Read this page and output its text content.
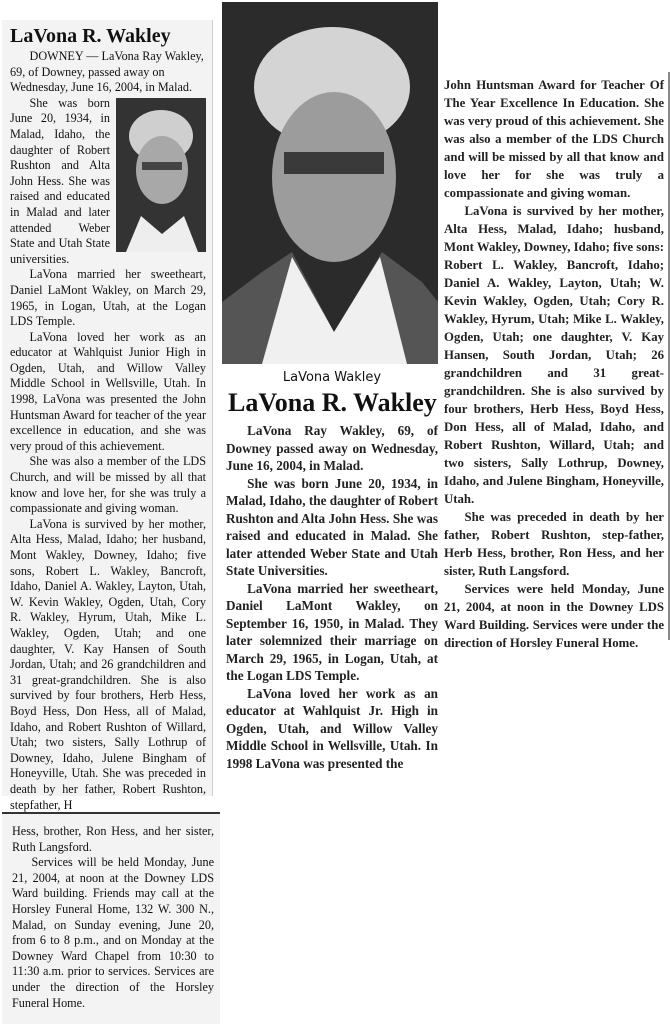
LaVona R. Wakley

DOWNEY — LaVona Ray Wakley, 69, of Downey, passed away on Wednesday, June 16, 2004, in Malad.

She was born June 20, 1934, in Malad, Idaho, the daughter of Robert Rushton and Alta John Hess. She was raised and educated in Malad and later attended Weber State and Utah State universities.

LaVona married her sweetheart, Daniel LaMont Wakley, on March 29, 1965, in Logan, Utah, at the Logan LDS Temple.

LaVona loved her work as an educator at Wahlquist Junior High in Ogden, Utah, and Willow Valley Middle School in Wellsville, Utah. In 1998, LaVona was presented the John Huntsman Award for teacher of the year excellence in education, and she was very proud of this achievement.

She was also a member of the LDS Church, and will be missed by all that know and love her, for she was truly a compassionate and giving woman.

LaVona is survived by her mother, Alta Hess, Malad, Idaho; her husband, Mont Wakley, Downey, Idaho; five sons, Robert L. Wakley, Bancroft, Idaho, Daniel A. Wakley, Layton, Utah, W. Kevin Wakley, Ogden, Utah, Cory R. Wakley, Hyrum, Utah, Mike L. Wakley, Ogden, Utah; and one daughter, V. Kay Hansen of South Jordan, Utah; and 26 grandchildren and 31 great-grandchildren. She is also survived by four brothers, Herb Hess, Boyd Hess, Don Hess, all of Malad, Idaho, and Robert Rushton of Willard, Utah; two sisters, Sally Lothrup of Downey, Idaho, Julene Bingham of Honeyville, Utah. She was preceded in death by her father, Robert Rushton, stepfather, H

Hess, brother, Ron Hess, and her sister, Ruth Langsford.

Services will be held Monday, June 21, 2004, at noon at the Downey LDS Ward building. Friends may call at the Horsley Funeral Home, 132 W. 300 N., Malad, on Sunday evening, June 20, from 6 to 8 p.m., and on Monday at the Downey Ward Chapel from 10:30 to 11:30 a.m. prior to services. Services are under the direction of the Horsley Funeral Home.

LaVona Wakley
LaVona R. Wakley

LaVona Ray Wakley, 69, of Downey passed away on Wednesday, June 16, 2004, in Malad.

She was born June 20, 1934, in Malad, Idaho, the daughter of Robert Rushton and Alta John Hess. She was raised and educated in Malad. She later attended Weber State and Utah State Universities.

LaVona married her sweetheart, Daniel LaMont Wakley, on September 16, 1950, in Malad. They later solemnized their marriage on March 29, 1965, in Logan, Utah, at the Logan LDS Temple.

LaVona loved her work as an educator at Wahlquist Jr. High in Ogden, Utah, and Willow Valley Middle School in Wellsville, Utah. In 1998 LaVona was presented the

John Huntsman Award for Teacher Of The Year Excellence In Education. She was very proud of this achievement. She was also a member of the LDS Church and will be missed by all that know and love her for she was truly a compassionate and giving woman.

LaVona is survived by her mother, Alta Hess, Malad, Idaho; husband, Mont Wakley, Downey, Idaho; five sons: Robert L. Wakley, Bancroft, Idaho; Daniel A. Wakley, Layton, Utah; W. Kevin Wakley, Ogden, Utah; Cory R. Wakley, Hyrum, Utah; Mike L. Wakley, Ogden, Utah; one daughter, V. Kay Hansen, South Jordan, Utah; 26 grandchildren and 31 great-grandchildren. She is also survived by four brothers, Herb Hess, Boyd Hess, Don Hess, all of Malad, Idaho, and Robert Rushton, Willard, Utah; and two sisters, Sally Lothrup, Downey, Idaho, and Julene Bingham, Honeyville, Utah.

She was preceded in death by her father, Robert Rushton, step-father, Herb Hess, brother, Ron Hess, and her sister, Ruth Langsford.

Services were held Monday, June 21, 2004, at noon in the Downey LDS Ward Building. Services were under the direction of Horsley Funeral Home.
